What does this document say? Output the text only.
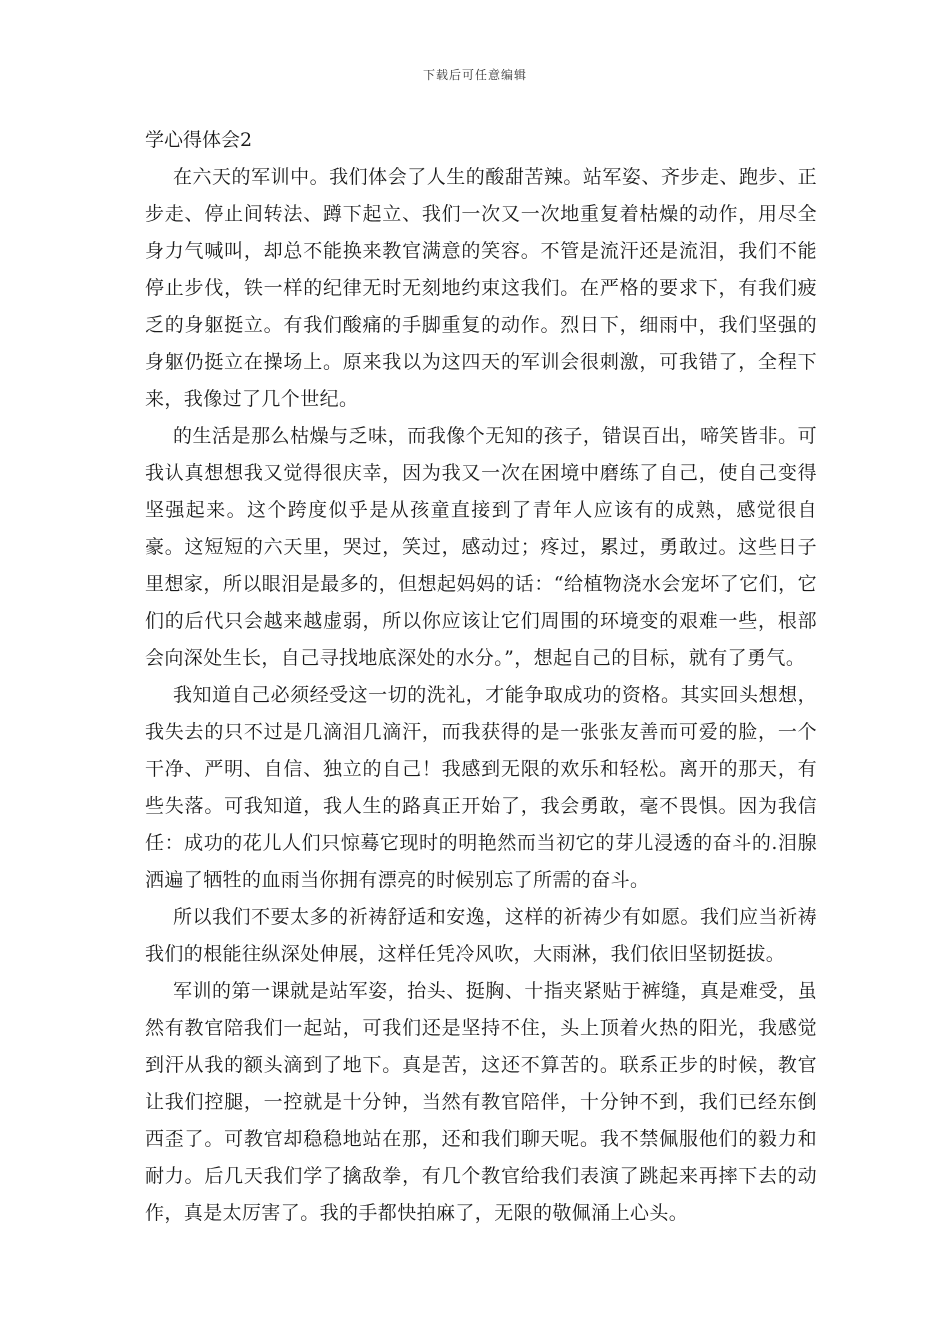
下载后可任意编辑
学心得体会2

在六天的军训中。我们体会了人生的酸甜苦辣。站军姿、齐步走、跑步、正步走、停止间转法、蹲下起立、我们一次又一次地重复着枯燥的动作，用尽全身力气喊叫，却总不能换来教官满意的笑容。不管是流汗还是流泪，我们不能停止步伐，铁一样的纪律无时无刻地约束这我们。在严格的要求下，有我们疲乏的身躯挺立。有我们酸痛的手脚重复的动作。烈日下，细雨中，我们坚强的身躯仍挺立在操场上。原来我以为这四天的军训会很刺激，可我错了，全程下来，我像过了几个世纪。

的生活是那么枯燥与乏味，而我像个无知的孩子，错误百出，啼笑皆非。可我认真想想我又觉得很庆幸，因为我又一次在困境中磨练了自己，使自己变得坚强起来。这个跨度似乎是从孩童直接到了青年人应该有的成熟，感觉很自豪。这短短的六天里，哭过，笑过，感动过；疼过，累过，勇敢过。这些日子里想家，所以眼泪是最多的，但想起妈妈的话：“给植物浇水会宠坏了它们，它们的后代只会越来越虚弱，所以你应该让它们周围的环境变的艰难一些，根部会向深处生长，自己寻找地底深处的水分。”，想起自己的目标，就有了勇气。

我知道自己必须经受这一切的洗礼，才能争取成功的资格。其实回头想想，我失去的只不过是几滴泪几滴汗，而我获得的是一张张友善而可爱的脸，一个干净、严明、自信、独立的自己！我感到无限的欢乐和轻松。离开的那天，有些失落。可我知道，我人生的路真正开始了，我会勇敢，毫不畏惧。因为我信任：成功的花儿人们只惊蓦它现时的明艳然而当初它的芽儿浸透的奋斗的.泪腺洒遍了牺牲的血雨当你拥有漂亮的时候别忘了所需的奋斗。

所以我们不要太多的祈祷舒适和安逸，这样的祈祷少有如愿。我们应当祈祷我们的根能往纵深处伸展，这样任凭冷风吹，大雨淋，我们依旧坚韧挺拔。

军训的第一课就是站军姿，抬头、挺胸、十指夹紧贴于裤缝，真是难受，虽然有教官陪我们一起站，可我们还是坚持不住，头上顶着火热的阳光，我感觉到汗从我的额头滴到了地下。真是苦，这还不算苦的。联系正步的时候，教官让我们控腿，一控就是十分钟，当然有教官陪伴，十分钟不到，我们已经东倒西歪了。可教官却稳稳地站在那，还和我们聊天呢。我不禁佩服他们的毅力和耐力。后几天我们学了擒敌拳，有几个教官给我们表演了跳起来再摔下去的动作，真是太厉害了。我的手都快拍麻了，无限的敬佩涌上心头。
